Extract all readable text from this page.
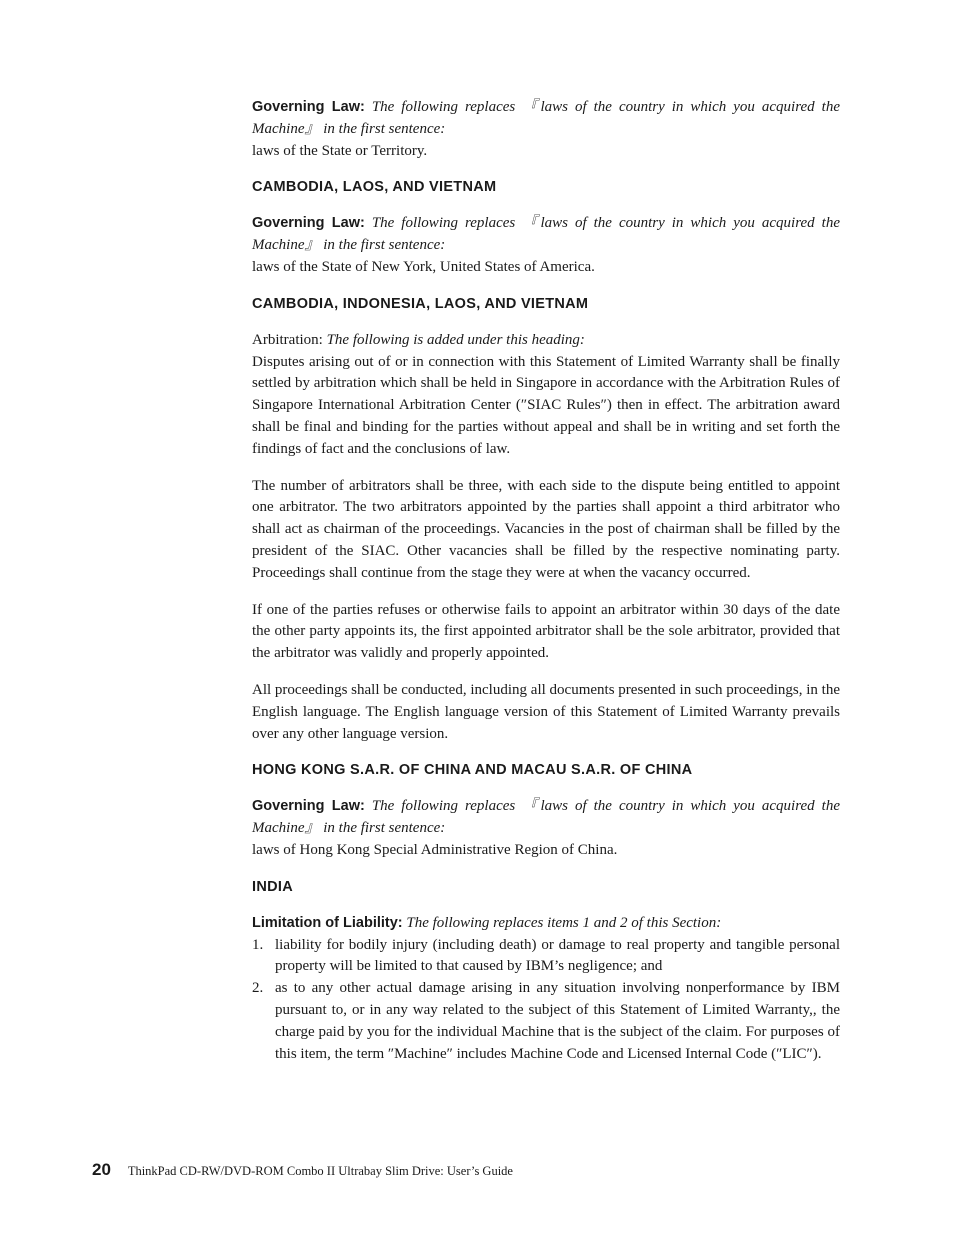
Governing Law: The following replaces 『laws of the country in which you acquired the Machine』 in the first sentence:
laws of the State or Territory.
CAMBODIA, LAOS, AND VIETNAM
Governing Law: The following replaces 『laws of the country in which you acquired the Machine』 in the first sentence:
laws of the State of New York, United States of America.
CAMBODIA, INDONESIA, LAOS, AND VIETNAM
Arbitration: The following is added under this heading:
Disputes arising out of or in connection with this Statement of Limited Warranty shall be finally settled by arbitration which shall be held in Singapore in accordance with the Arbitration Rules of Singapore International Arbitration Center (″SIAC Rules″) then in effect. The arbitration award shall be final and binding for the parties without appeal and shall be in writing and set forth the findings of fact and the conclusions of law.
The number of arbitrators shall be three, with each side to the dispute being entitled to appoint one arbitrator. The two arbitrators appointed by the parties shall appoint a third arbitrator who shall act as chairman of the proceedings. Vacancies in the post of chairman shall be filled by the president of the SIAC. Other vacancies shall be filled by the respective nominating party. Proceedings shall continue from the stage they were at when the vacancy occurred.
If one of the parties refuses or otherwise fails to appoint an arbitrator within 30 days of the date the other party appoints its, the first appointed arbitrator shall be the sole arbitrator, provided that the arbitrator was validly and properly appointed.
All proceedings shall be conducted, including all documents presented in such proceedings, in the English language. The English language version of this Statement of Limited Warranty prevails over any other language version.
HONG KONG S.A.R. OF CHINA AND MACAU S.A.R. OF CHINA
Governing Law: The following replaces 『laws of the country in which you acquired the Machine』 in the first sentence:
laws of Hong Kong Special Administrative Region of China.
INDIA
Limitation of Liability: The following replaces items 1 and 2 of this Section:
1. liability for bodily injury (including death) or damage to real property and tangible personal property will be limited to that caused by IBM’s negligence; and
2. as to any other actual damage arising in any situation involving nonperformance by IBM pursuant to, or in any way related to the subject of this Statement of Limited Warranty,, the charge paid by you for the individual Machine that is the subject of the claim. For purposes of this item, the term ″Machine″ includes Machine Code and Licensed Internal Code (″LIC″).
20 ThinkPad CD-RW/DVD-ROM Combo II Ultrabay Slim Drive: User’s Guide
